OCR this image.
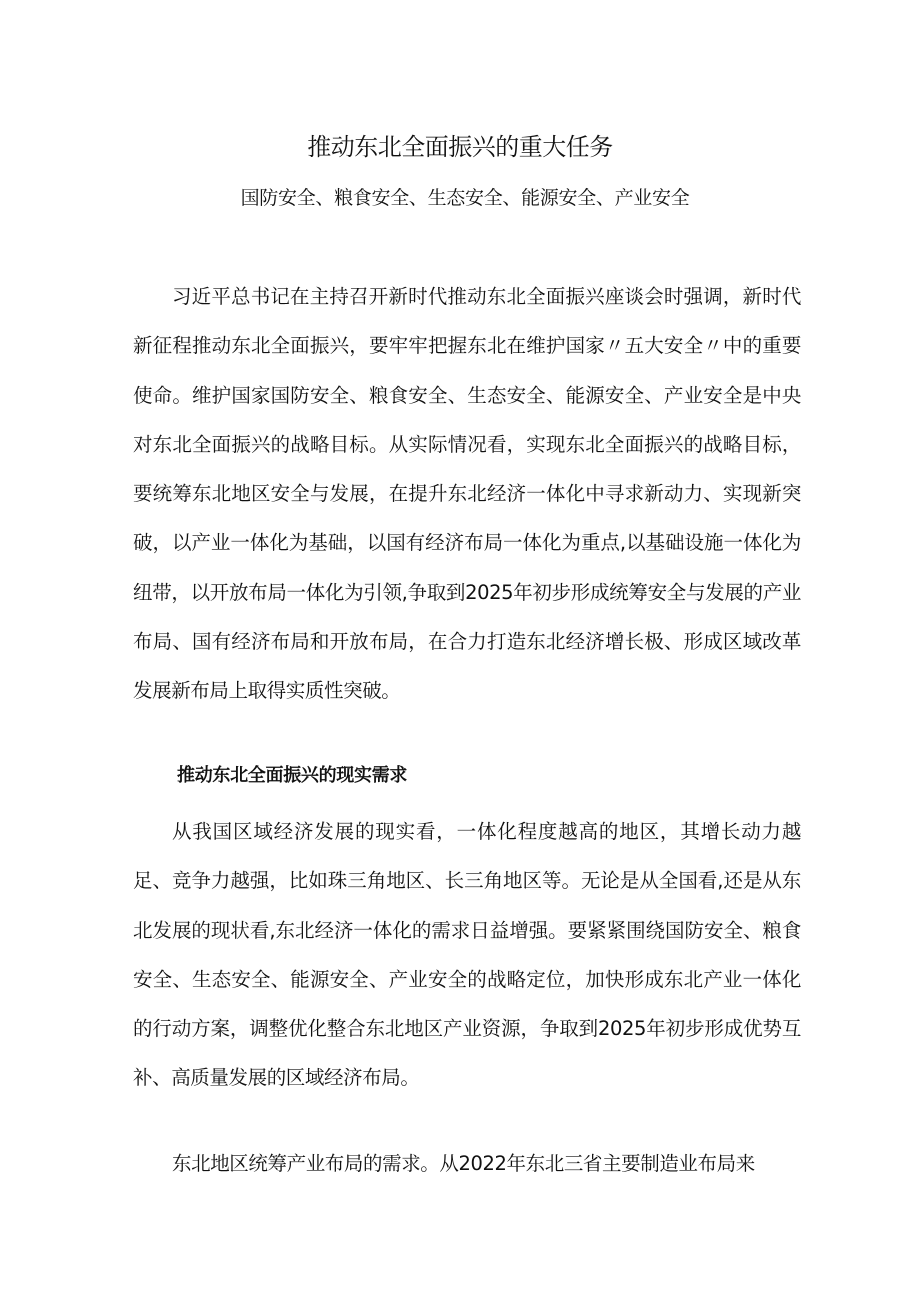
推动东北全面振兴的重大任务

国防安全、粮食安全、生态安全、能源安全、产业安全

习近平总书记在主持召开新时代推动东北全面振兴座谈会时强调，新时代新征程推动东北全面振兴，要牢牢把握东北在维护国家〃五大安全〃中的重要使命。维护国家国防安全、粮食安全、生态安全、能源安全、产业安全是中央对东北全面振兴的战略目标。从实际情况看，实现东北全面振兴的战略目标，要统筹东北地区安全与发展，在提升东北经济一体化中寻求新动力、实现新突破，以产业一体化为基础，以国有经济布局一体化为重点,以基础设施一体化为纽带，以开放布局一体化为引领,争取到2025年初步形成统筹安全与发展的产业布局、国有经济布局和开放布局，在合力打造东北经济增长极、形成区域改革发展新布局上取得实质性突破。

推动东北全面振兴的现实需求

从我国区域经济发展的现实看，一体化程度越高的地区，其增长动力越足、竞争力越强，比如珠三角地区、长三角地区等。无论是从全国看,还是从东北发展的现状看,东北经济一体化的需求日益增强。要紧紧围绕国防安全、粮食安全、生态安全、能源安全、产业安全的战略定位，加快形成东北产业一体化的行动方案，调整优化整合东北地区产业资源，争取到2025年初步形成优势互补、高质量发展的区域经济布局。

东北地区统筹产业布局的需求。从2022年东北三省主要制造业布局来
